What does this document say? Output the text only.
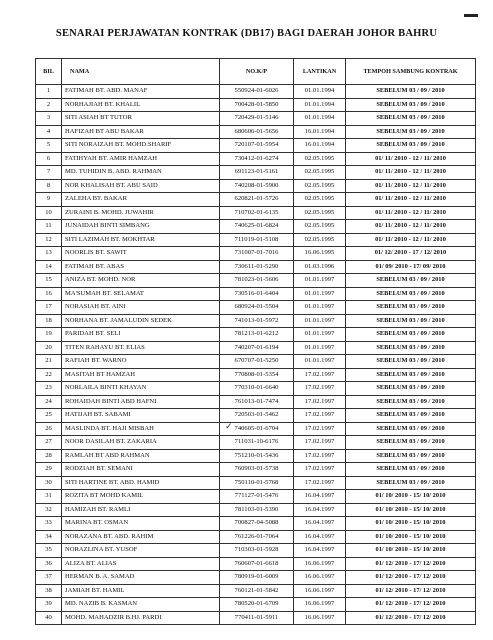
SENARAI PERJAWATAN KONTRAK (DB17) BAGI DAERAH JOHOR BAHRU
BIL	NAMA	NO.K/P	LANTIKAN	TEMPOH SAMBUNG KONTRAK
1	FATIMAH BT. ABD. MANAF	550924-01-6026	01.01.1994	SEBELUM 03 / 09 / 2010
2	NORHAJIAH BT. KHALIL	700428-01-5850	01.01.1994	SEBELUM 03 / 09 / 2010
3	SITI ASIAH BT TUTOR	720429-01-5146	01.01.1994	SEBELUM 03 / 09 / 2010
4	HAFIZAH BT ABU BAKAR	680606-01-5656	16.01.1994	SEBELUM 03 / 09 / 2010
5	SITI NORAIZAH BT. MOHD.SHARIF	720107-01-5954	16.01.1994	SEBELUM 03 / 09 / 2010
6	FATIHYAH BT. AMIR HAMZAH	730412-01-6274	02.05.1995	01/ 11/ 2010 - 12 / 11/ 2010
7	MD. TUHIDIN B. ABD. RAHMAN	691123-01-5161	02.05.1995	01/ 11/ 2010 - 12 / 11/ 2010
8	NOR KHALISAH BT. ABU SAID	740208-01-5900	02.05.1995	01/ 11/ 2010 - 12 / 11/ 2010
9	ZALEHA BT. BAKAR	620821-01-5726	02.05.1995	01/ 11/ 2010 - 12 / 11/ 2010
10	ZURAINI B. MOHD. JUWAHIR	710702-01-6135	02.05.1995	01/ 11/ 2010 - 12 / 11/ 2010
11	JUNAIDAH BINTI SIMBANG	740625-01-6824	02.05.1995	01/ 11/ 2010 - 12 / 11/ 2010
12	SITI LAZIMAH BT. MOKHTAR	711019-01-5108	02.05.1995	01/ 11/ 2010 - 12 / 11/ 2010
13	NOORLIS BT. SAWIT	731007-01-7016	16.06.1995	01/ 12/ 2010 - 17 / 12/ 2010
14	FATIMAH BT. ABAS	730611-01-5290	01.03.1996	01/ 09/ 2010 - 17/ 09/ 2010
15	ANIZA BT. MOHD. NOR	781023-01-5606	01.01.1997	SEBELUM 03 / 09 / 2010
16	MA'SUMAH BT. SELAMAT	730516-01-6404	01.01.1997	SEBELUM 03 / 09 / 2010
17	NORASIAH BT. AINI	680924-01-5504	01.01.1997	SEBELUM 03 / 09 / 2010
18	NORHANA BT. JAMALUDIN SEDEK	741013-01-5972	01.01.1997	SEBELUM 03 / 09 / 2010
19	PARIDAH BT. SELI	781213-01-6212	01.01.1997	SEBELUM 03 / 09 / 2010
20	TITEN RAHAYU BT. ELIAS	740207-01-6194	01.01.1997	SEBELUM 03 / 09 / 2010
21	RAFIAH BT. WARNO	670707-01-5250	01.01.1997	SEBELUM 03 / 09 / 2010
22	MASITAH BT HAMZAH	770808-01-5354	17.02.1997	SEBELUM 03 / 09 / 2010
23	NORLAILA BINTI KHAYAN	770310-01-6640	17.02.1997	SEBELUM 03 / 09 / 2010
24	ROHAIDAH BINTI ABD HAFNI	761013-01-7474	17.02.1997	SEBELUM 03 / 09 / 2010
25	HATIJAH BT. SABAMI	720503-01-5462	17.02.1997	SEBELUM 03 / 09 / 2010
26	MASLINDA BT. HAJI MISBAH	740605-01-6704	17.02.1997	SEBELUM 03 / 09 / 2010
27	NOOR DASILAH BT. ZAKARIA	711031-10-6176	17.02.1997	SEBELUM 03 / 09 / 2010
28	RAMLAH BT ABD RAHMAN	751210-01-5436	17.02.1997	SEBELUM 03 / 09 / 2010
29	RODZIAH BT. SEMANI	760903-01-5738	17.02.1997	SEBELUM 03 / 09 / 2010
30	SITI HARTINE BT. ABD. HAMID	750110-01-5768	17.02.1997	SEBELUM 03 / 09 / 2010
31	ROZITA BT MOHD KAMIL	771127-01-5476	16.04.1997	01/ 10/ 2010 - 15/ 10/ 2010
32	HAMIZAH BT. RAMLI	781103-01-5390	16.04.1997	01/ 10/ 2010 - 15/ 10/ 2010
33	MARINA BT. OSMAN	700827-04-5088	16.04.1997	01/ 10/ 2010 - 15/ 10/ 2010
34	NORAZANA BT. ABD. RAHIM	761226-01-7064	16.04.1997	01/ 10/ 2010 - 15/ 10/ 2010
35	NORAZLINA BT. YUSOF	710303-01-5928	16.04.1997	01/ 10/ 2010 - 15/ 10/ 2010
36	ALIZA BT. ALIAS	760607-01-6618	16.06.1997	01/ 12/ 2010 - 17/ 12/ 2010
37	HERMAN B. A. SAMAD	780919-01-6009	16.06.1997	01/ 12/ 2010 - 17/ 12/ 2010
38	JAMIAH BT. HAMIL	760121-01-5842	16.06.1997	01/ 12/ 2010 - 17/ 12/ 2010
39	MD. NAZIB B. KASMAN	780520-01-6709	16.06.1997	01/ 12/ 2010 - 17/ 12/ 2010
40	MOHD. MAHADZIR B.HJ. PARDI	770411-01-5911	16.06.1997	01/ 12/ 2010 - 17/ 12/ 2010
✓
